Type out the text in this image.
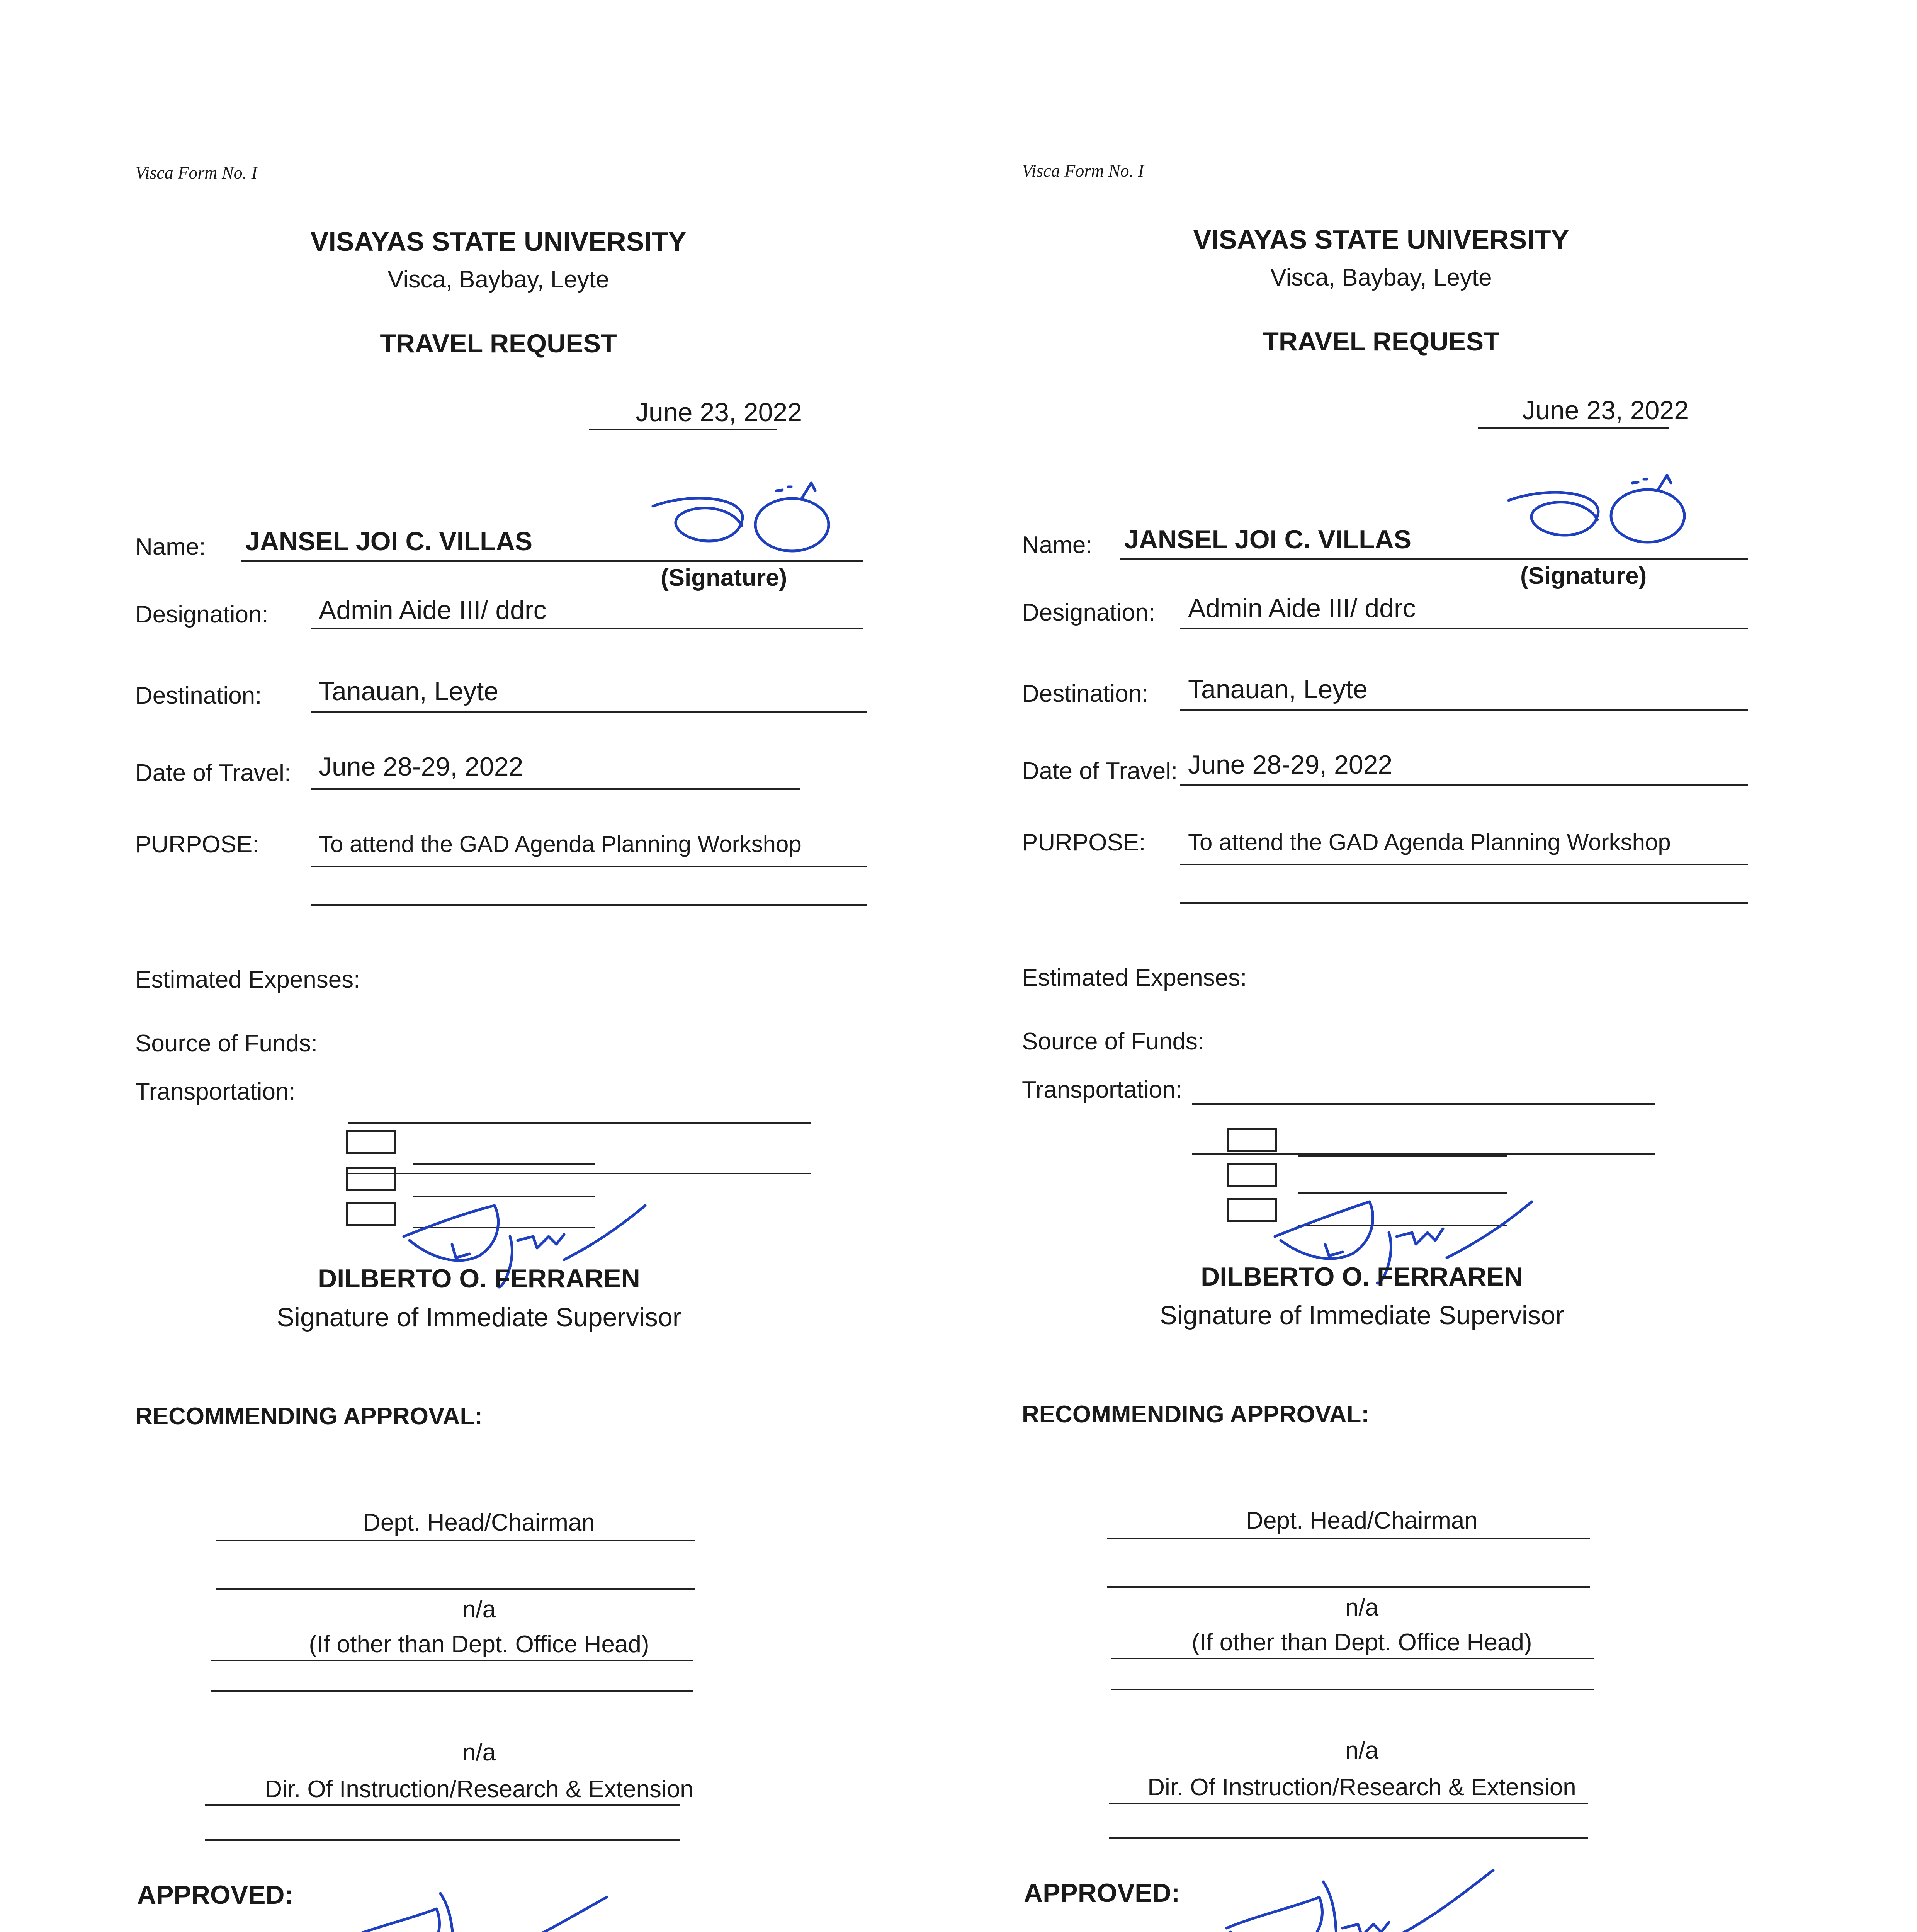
Visca Form No. I
VISAYAS STATE UNIVERSITY
Visca, Baybay, Leyte
TRAVEL REQUEST
June 23, 2022
Name: JANSEL JOI C. VILLAS
(Signature)
Designation: Admin Aide III/ ddrc
Destination: Tanauan, Leyte
Date of Travel: June 28-29, 2022
PURPOSE:	To attend the GAD Agenda Planning Workshop
Estimated Expenses:
Source of Funds:
Transportation:
DILBERTO O. FERRAREN
Signature of Immediate Supervisor
RECOMMENDING APPROVAL:
Dept. Head/Chairman
n/a
(If other than Dept. Office Head)
n/a
Dir. Of Instruction/Research & Extension
APPROVED:
Visca Form No. I
VISAYAS STATE UNIVERSITY
Visca, Baybay, Leyte
TRAVEL REQUEST
June 23, 2022
Name: JANSEL JOI C. VILLAS
(Signature)
Designation: Admin Aide III/ ddrc
Destination: Tanauan, Leyte
Date of Travel: June 28-29, 2022
PURPOSE: To attend the GAD Agenda Planning Workshop
Estimated Expenses:
Source of Funds:
Transportation:
DILBERTO O. FERRAREN
Signature of Immediate Supervisor
RECOMMENDING APPROVAL:
Dept. Head/Chairman
n/a
(If other than Dept. Office Head)
n/a
Dir. Of Instruction/Research & Extension
APPROVED:
